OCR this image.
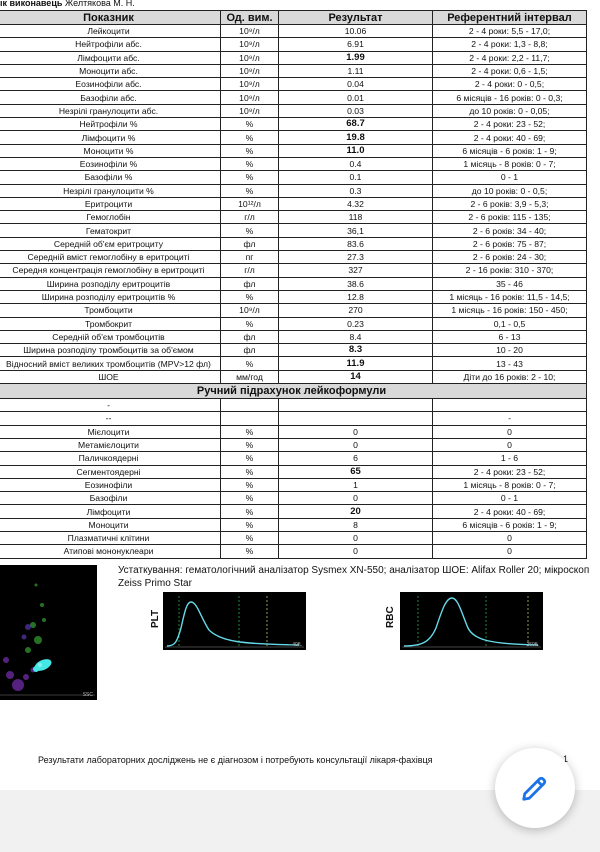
ік виконавець Желтякова М. Н.
Показник	Од. вим.	Результат	Референтний інтервал
Лейкоцити	10⁹/л	10.06	2 - 4 роки: 5,5 - 17,0;
Нейтрофіли абс.	10⁹/л	6.91	2 - 4 роки: 1,3 - 8,8;
Лімфоцити абс.	10⁹/л	1.99	2 - 4 роки: 2,2 - 11,7;
Моноцити абс.	10⁹/л	1.11	2 - 4 роки: 0,6 - 1,5;
Еозинофіли абс.	10⁹/л	0.04	2 - 4 роки: 0 - 0,5;
Базофіли абс.	10⁹/л	0.01	6 місяців - 16 років: 0 - 0,3;
Незрілі гранулоцити абс.	10⁹/л	0.03	до 10 років: 0 - 0,05;
Нейтрофіли %	%	68.7	2 - 4 роки: 23 - 52;
Лімфоцити %	%	19.8	2 - 4 роки: 40 - 69;
Моноцити %	%	11.0	6 місяців - 6 років: 1 - 9;
Еозинофіли %	%	0.4	1 місяць - 8 років: 0 - 7;
Базофіли %	%	0.1	0 - 1
Незрілі гранулоцити %	%	0.3	до 10 років: 0 - 0,5;
Еритроцити	10¹²/л	4.32	2 - 6 років: 3,9 - 5,3;
Гемоглобін	г/л	118	2 - 6 років: 115 - 135;
Гематокрит	%	36,1	2 - 6 років: 34 - 40;
Середній об'єм еритроциту	фл	83.6	2 - 6 років: 75 - 87;
Середній вміст гемоглобіну в еритроциті	пг	27.3	2 - 6 років: 24 - 30;
Середня концентрація гемоглобіну в еритроциті	г/л	327	2 - 16 років: 310 - 370;
Ширина розподілу еритроцитів	фл	38.6	35 - 46
Ширина розподілу еритроцитів %	%	12.8	1 місяць - 16 років: 11,5 - 14,5;
Тромбоцити	10⁹/л	270	1 місяць - 16 років: 150 - 450;
Тромбокрит	%	0.23	0,1 - 0,5
Середній об'єм тромбоцитів	фл	8.4	6 - 13
Ширина розподілу тромбоцитів за об'ємом	фл	8.3	10 - 20
Відносний вміст великих тромбоцитів (MPV>12 фл)	%	11.9	13 - 43
ШОЕ	мм/год	14	Діти до 16 років: 2 - 10;
Ручний підрахунок лейкоформули			
-			
--			-
Мієлоцити	%	0	0
Метамієлоцити	%	0	0
Паличкоядерні	%	6	1 - 6
Сегментоядерні	%	65	2 - 4 роки: 23 - 52;
Еозинофіли	%	1	1 місяць - 8 років: 0 - 7;
Базофіли	%	0	0 - 1
Лімфоцити	%	20	2 - 4 роки: 40 - 69;
Моноцити	%	8	6 місяців - 6 років: 1 - 9;
Плазматичні клітини	%	0	0
Атипові мононуклеари	%	0	0
SSC
Устаткування: гематологічний аналізатор Sysmex XN-550; аналізатор ШОЕ: Alifax Roller 20; мікроскоп Zeiss Primo Star
PLT
40fL
RBC
250fL
Результати лабораторних досліджень не є діагнозом і потребують консультації лікаря-фахівця	1
